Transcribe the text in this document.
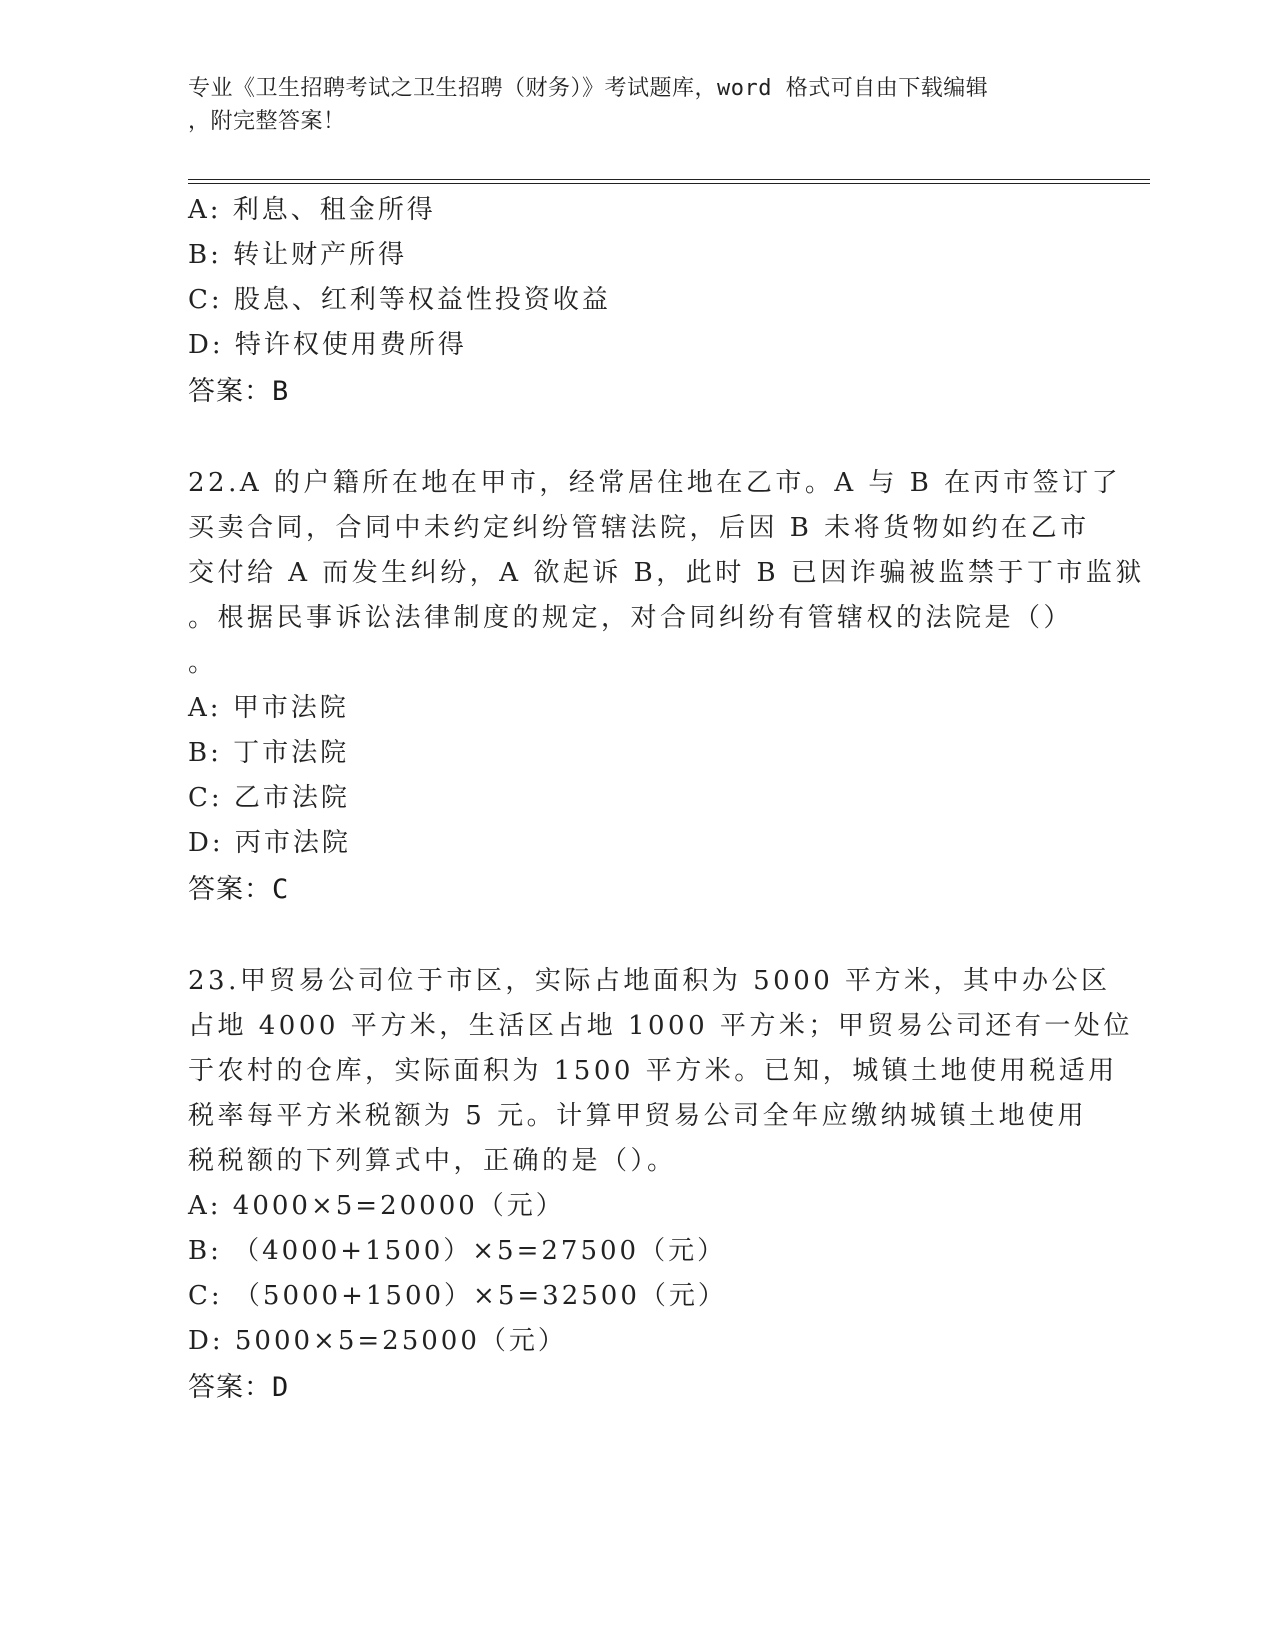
专业《卫生招聘考试之卫生招聘（财务）》考试题库，word 格式可自由下载编辑

，附完整答案！

A: 利息、租金所得
B: 转让财产所得
C: 股息、红利等权益性投资收益
D: 特许权使用费所得
答案：B
22.A 的户籍所在地在甲市，经常居住地在乙市。A 与 B 在丙市签订了
买卖合同，合同中未约定纠纷管辖法院，后因 B 未将货物如约在乙市
交付给 A 而发生纠纷，A 欲起诉 B，此时 B 已因诈骗被监禁于丁市监狱
。根据民事诉讼法律制度的规定，对合同纠纷有管辖权的法院是（）
。
A: 甲市法院
B: 丁市法院
C: 乙市法院
D: 丙市法院
答案：C
23.甲贸易公司位于市区，实际占地面积为 5000 平方米，其中办公区
占地 4000 平方米，生活区占地 1000 平方米；甲贸易公司还有一处位
于农村的仓库，实际面积为 1500 平方米。已知，城镇土地使用税适用
税率每平方米税额为 5 元。计算甲贸易公司全年应缴纳城镇土地使用
税税额的下列算式中，正确的是（）。
A: 4000×5=20000（元）
B: （4000+1500）×5=27500（元）
C: （5000+1500）×5=32500（元）
D: 5000×5=25000（元）
答案：D
